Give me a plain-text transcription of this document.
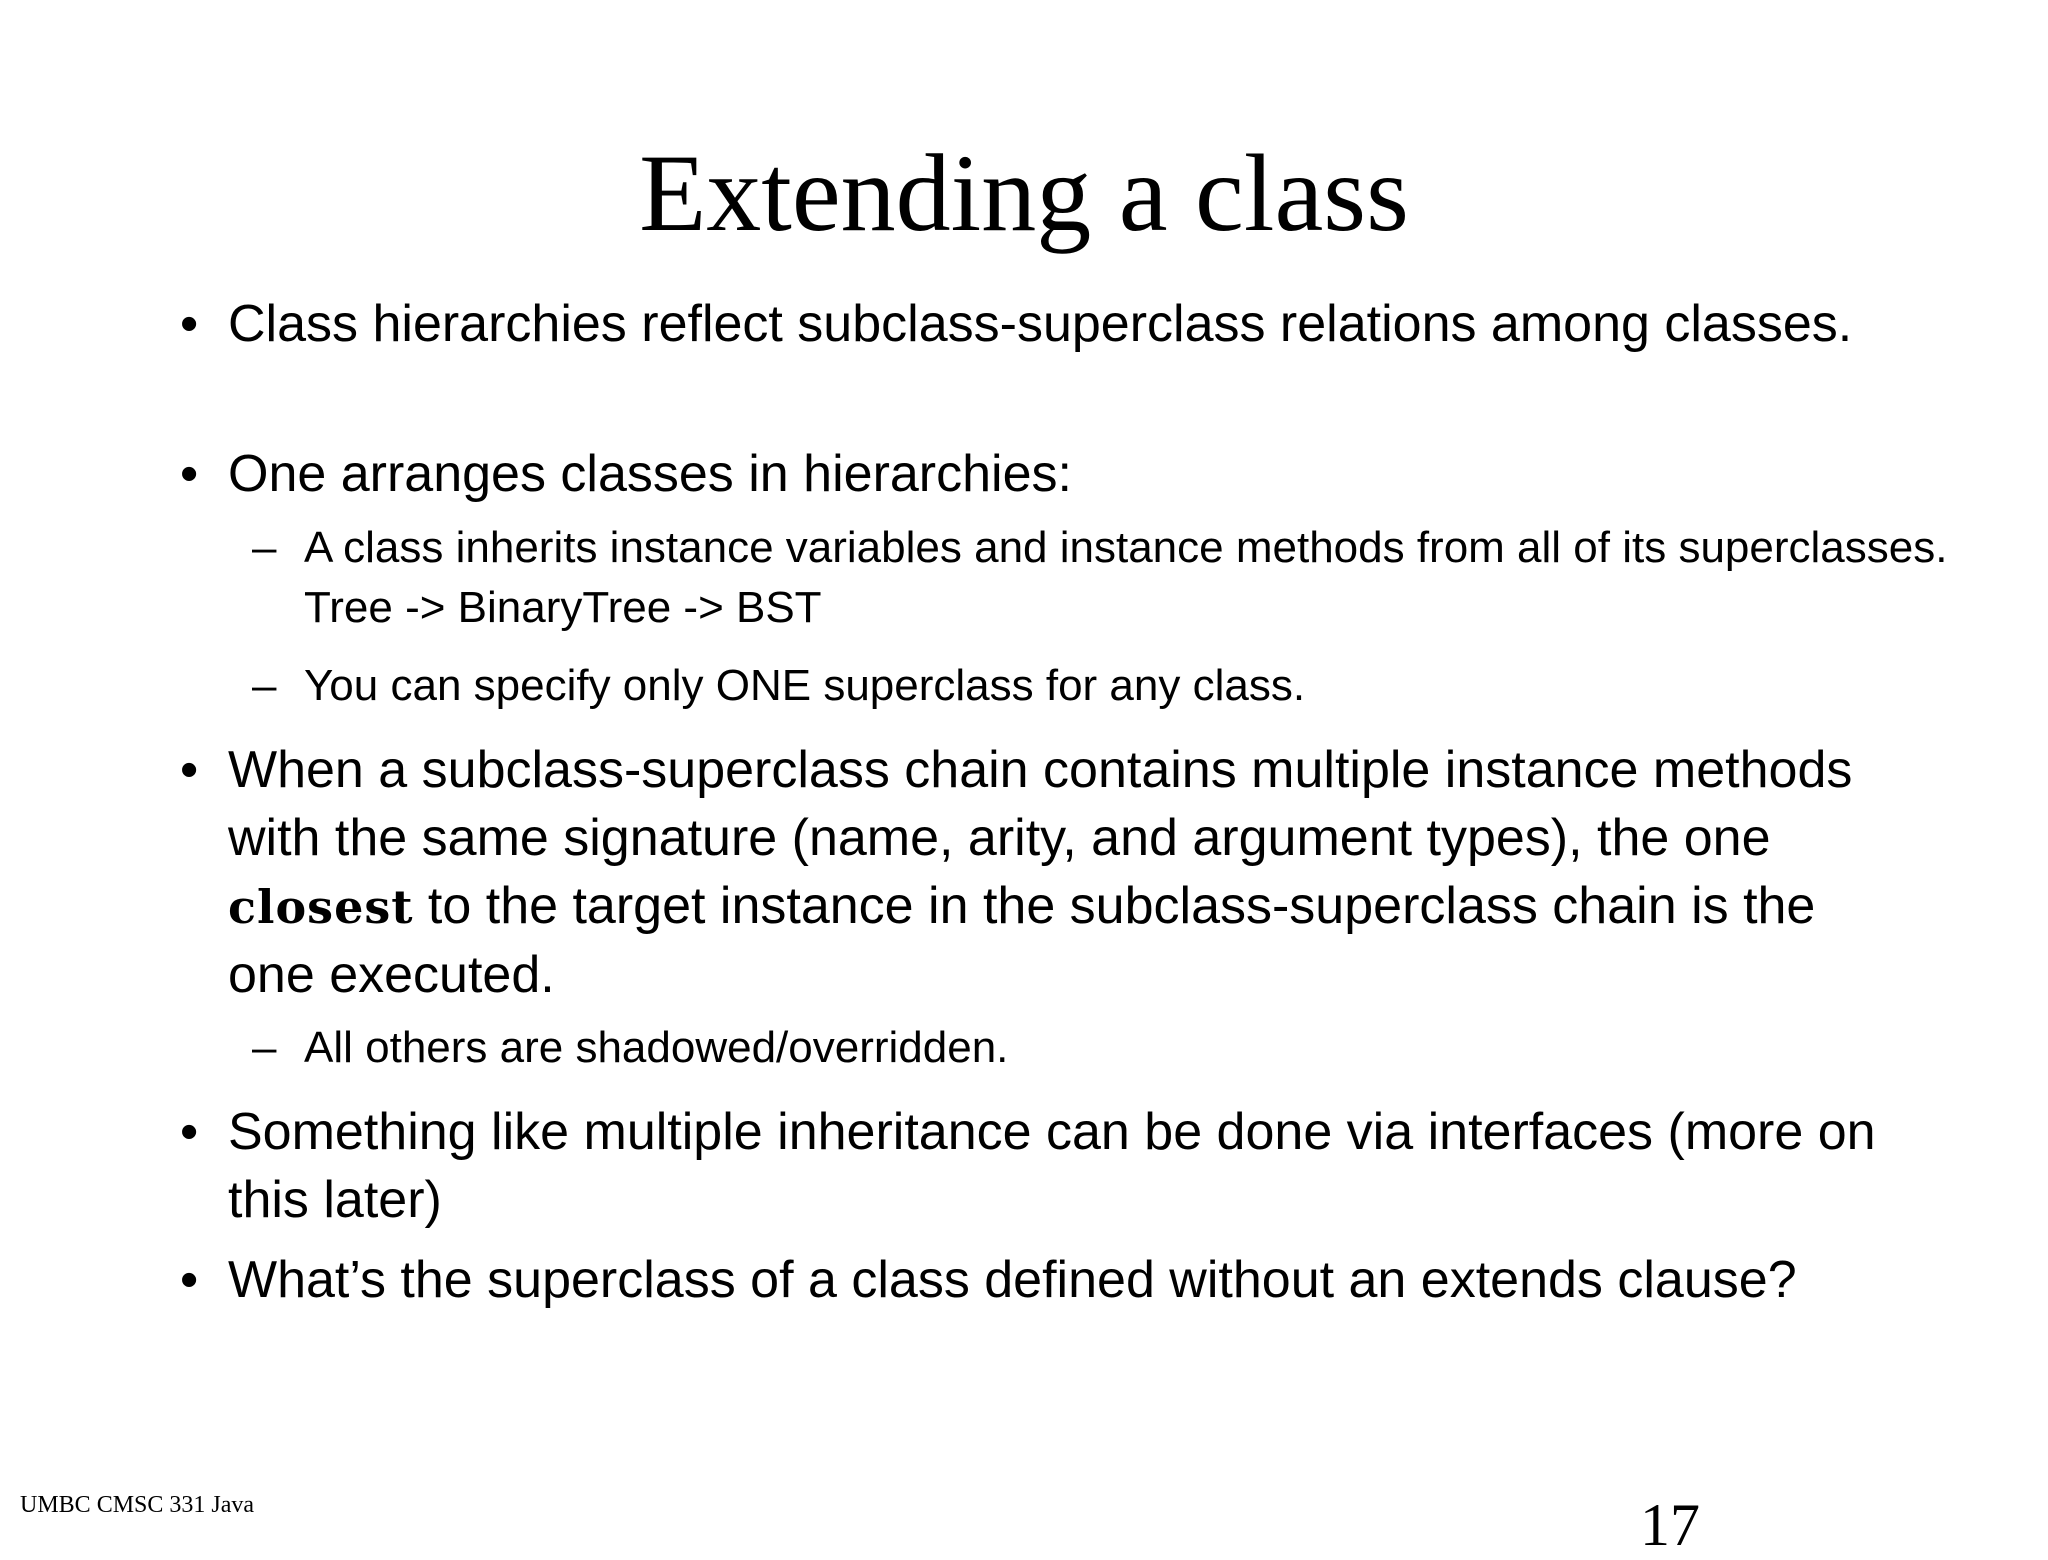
Extending a class
• Class hierarchies reflect subclass-superclass relations among classes.
• One arranges classes in hierarchies:
– A class inherits instance variables and instance methods from all of its superclasses. Tree -> BinaryTree -> BST
– You can specify only ONE superclass for any class.
• When a subclass-superclass chain contains multiple instance methods with the same signature (name, arity, and argument types), the one closest to the target instance in the subclass-superclass chain is the one executed.
– All others are shadowed/overridden.
• Something like multiple inheritance can be done via interfaces (more on this later)
• What’s the superclass of a class defined without an extends clause?
UMBC CMSC 331 Java	17
